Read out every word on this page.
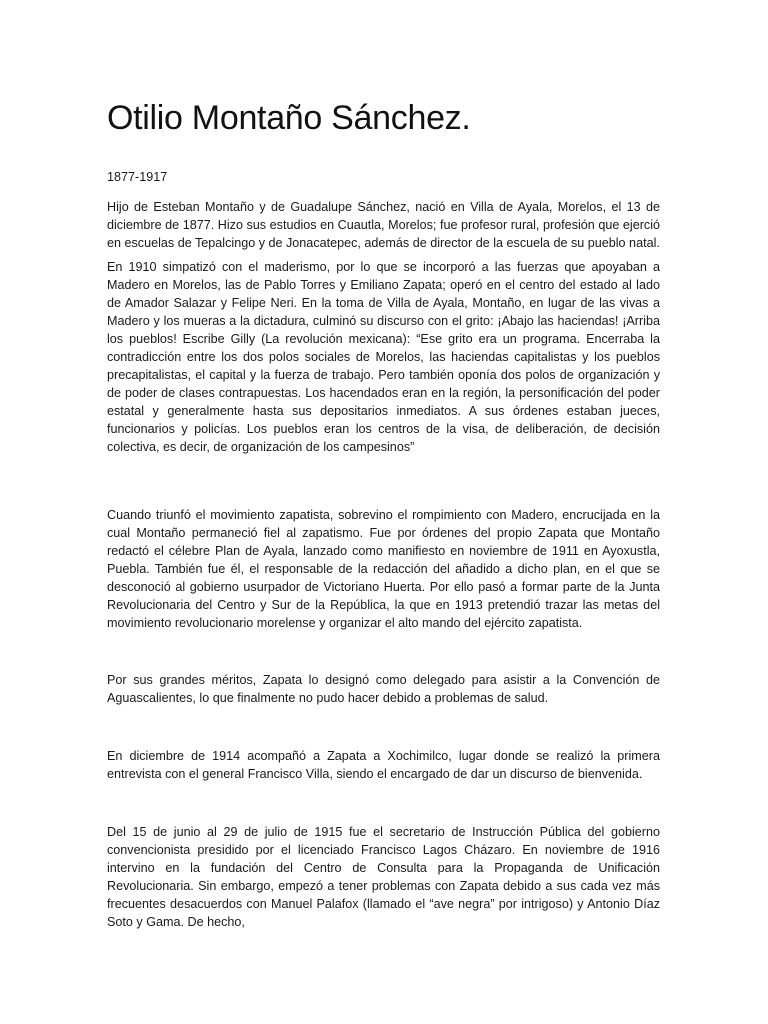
Otilio Montaño Sánchez.

1877-1917

Hijo de Esteban Montaño y de Guadalupe Sánchez, nació en Villa de Ayala, Morelos, el 13 de diciembre de 1877. Hizo sus estudios en Cuautla, Morelos; fue profesor rural, profesión que ejerció en escuelas de Tepalcingo y de Jonacatepec, además de director de la escuela de su pueblo natal.

En 1910 simpatizó con el maderismo, por lo que se incorporó a las fuerzas que apoyaban a Madero en Morelos, las de Pablo Torres y Emiliano Zapata; operó en el centro del estado al lado de Amador Salazar y Felipe Neri. En la toma de Villa de Ayala, Montaño, en lugar de las vivas a Madero y los mueras a la dictadura, culminó su discurso con el grito: ¡Abajo las haciendas! ¡Arriba los pueblos! Escribe Gilly (La revolución mexicana): “Ese grito era un programa. Encerraba la contradicción entre los dos polos sociales de Morelos, las haciendas capitalistas y los pueblos precapitalistas, el capital y la fuerza de trabajo. Pero también oponía dos polos de organización y de poder de clases contrapuestas. Los hacendados eran en la región, la personificación del poder estatal y generalmente hasta sus depositarios inmediatos. A sus órdenes estaban jueces, funcionarios y policías. Los pueblos eran los centros de la visa, de deliberación, de decisión colectiva, es decir, de organización de los campesinos”

Cuando triunfó el movimiento zapatista, sobrevino el rompimiento con Madero, encrucijada en la cual Montaño permaneció fiel al zapatismo. Fue por órdenes del propio Zapata que Montaño redactó el célebre Plan de Ayala, lanzado como manifiesto en noviembre de 1911 en Ayoxustla, Puebla. También fue él, el responsable de la redacción del añadido a dicho plan, en el que se desconoció al gobierno usurpador de Victoriano Huerta. Por ello pasó a formar parte de la Junta Revolucionaria del Centro y Sur de la República, la que en 1913 pretendió trazar las metas del movimiento revolucionario morelense y organizar el alto mando del ejército zapatista.

Por sus grandes méritos, Zapata lo designó como delegado para asistir a la Convención de Aguascalientes, lo que finalmente no pudo hacer debido a problemas de salud.

En diciembre de 1914 acompañó a Zapata a Xochimilco, lugar donde se realizó la primera entrevista con el general Francisco Villa, siendo el encargado de dar un discurso de bienvenida.

Del 15 de junio al 29 de julio de 1915 fue el secretario de Instrucción Pública del gobierno convencionista presidido por el licenciado Francisco Lagos Cházaro. En noviembre de 1916 intervino en la fundación del Centro de Consulta para la Propaganda de Unificación Revolucionaria. Sin embargo, empezó a tener problemas con Zapata debido a sus cada vez más frecuentes desacuerdos con Manuel Palafox (llamado el “ave negra” por intrigoso) y Antonio Díaz Soto y Gama. De hecho,
